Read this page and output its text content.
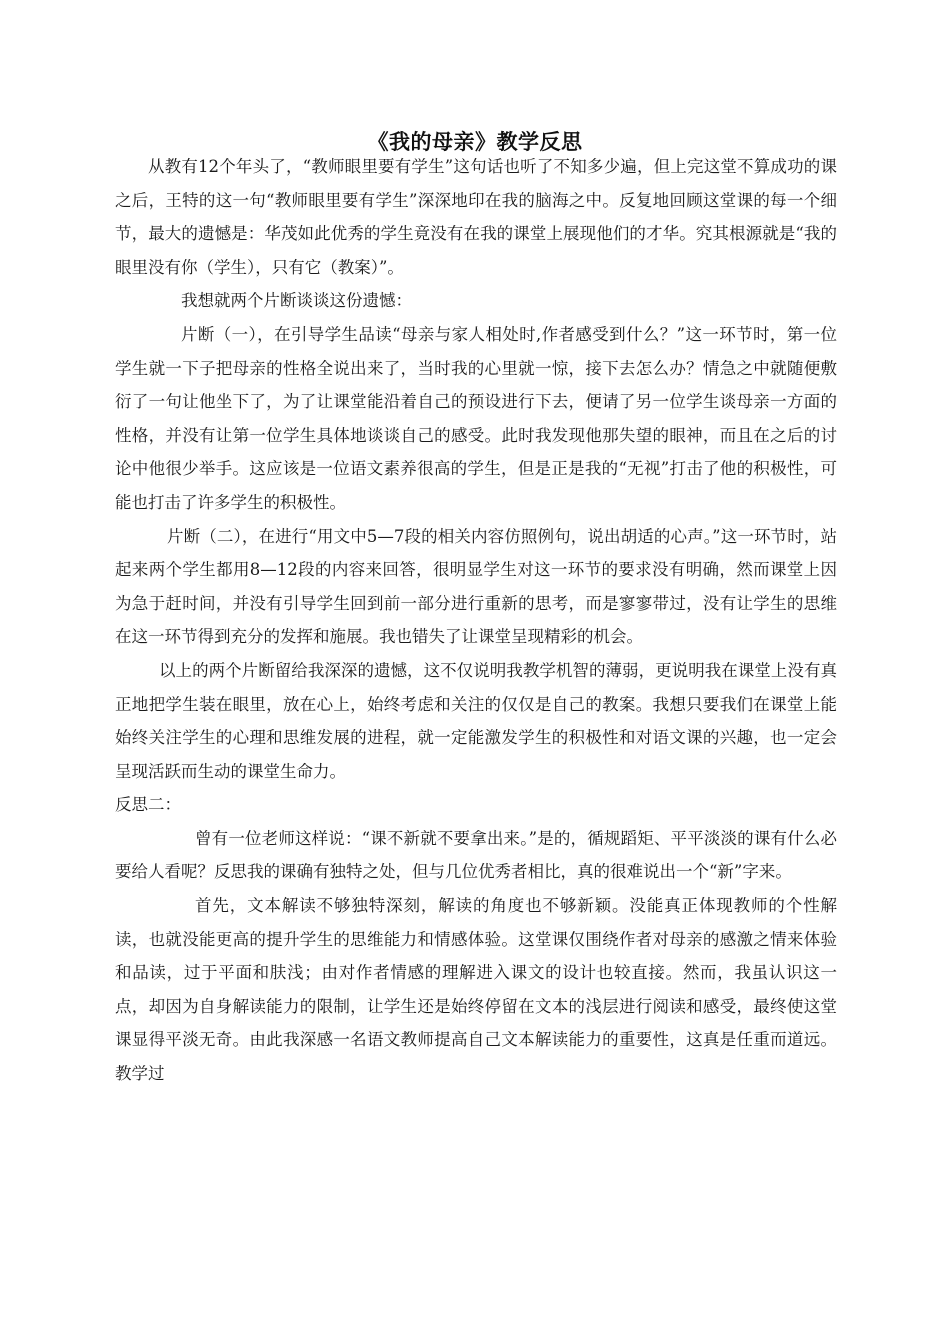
《我的母亲》教学反思

从教有12个年头了，“教师眼里要有学生”这句话也听了不知多少遍，但上完这堂不算成功的课之后，王特的这一句“教师眼里要有学生”深深地印在我的脑海之中。反复地回顾这堂课的每一个细节，最大的遗憾是：华茂如此优秀的学生竟没有在我的课堂上展现他们的才华。究其根源就是“我的眼里没有你（学生），只有它（教案）”。

我想就两个片断谈谈这份遗憾：

片断（一），在引导学生品读“母亲与家人相处时,作者感受到什么？”这一环节时，第一位学生就一下子把母亲的性格全说出来了，当时我的心里就一惊，接下去怎么办？情急之中就随便敷衍了一句让他坐下了，为了让课堂能沿着自己的预设进行下去，便请了另一位学生谈母亲一方面的性格，并没有让第一位学生具体地谈谈自己的感受。此时我发现他那失望的眼神，而且在之后的讨论中他很少举手。这应该是一位语文素养很高的学生，但是正是我的“无视”打击了他的积极性，可能也打击了许多学生的积极性。

片断（二），在进行“用文中5—7段的相关内容仿照例句，说出胡适的心声。”这一环节时，站起来两个学生都用8—12段的内容来回答，很明显学生对这一环节的要求没有明确，然而课堂上因为急于赶时间，并没有引导学生回到前一部分进行重新的思考，而是寥寥带过，没有让学生的思维在这一环节得到充分的发挥和施展。我也错失了让课堂呈现精彩的机会。

以上的两个片断留给我深深的遗憾，这不仅说明我教学机智的薄弱，更说明我在课堂上没有真正地把学生装在眼里，放在心上，始终考虑和关注的仅仅是自己的教案。我想只要我们在课堂上能始终关注学生的心理和思维发展的进程，就一定能激发学生的积极性和对语文课的兴趣，也一定会呈现活跃而生动的课堂生命力。

反思二：

曾有一位老师这样说：“课不新就不要拿出来。”是的，循规蹈矩、平平淡淡的课有什么必要给人看呢？反思我的课确有独特之处，但与几位优秀者相比，真的很难说出一个“新”字来。

首先，文本解读不够独特深刻，解读的角度也不够新颖。没能真正体现教师的个性解读，也就没能更高的提升学生的思维能力和情感体验。这堂课仅围绕作者对母亲的感激之情来体验和品读，过于平面和肤浅；由对作者情感的理解进入课文的设计也较直接。然而，我虽认识这一点，却因为自身解读能力的限制，让学生还是始终停留在文本的浅层进行阅读和感受，最终使这堂课显得平淡无奇。由此我深感一名语文教师提高自己文本解读能力的重要性，这真是任重而道远。教学过
